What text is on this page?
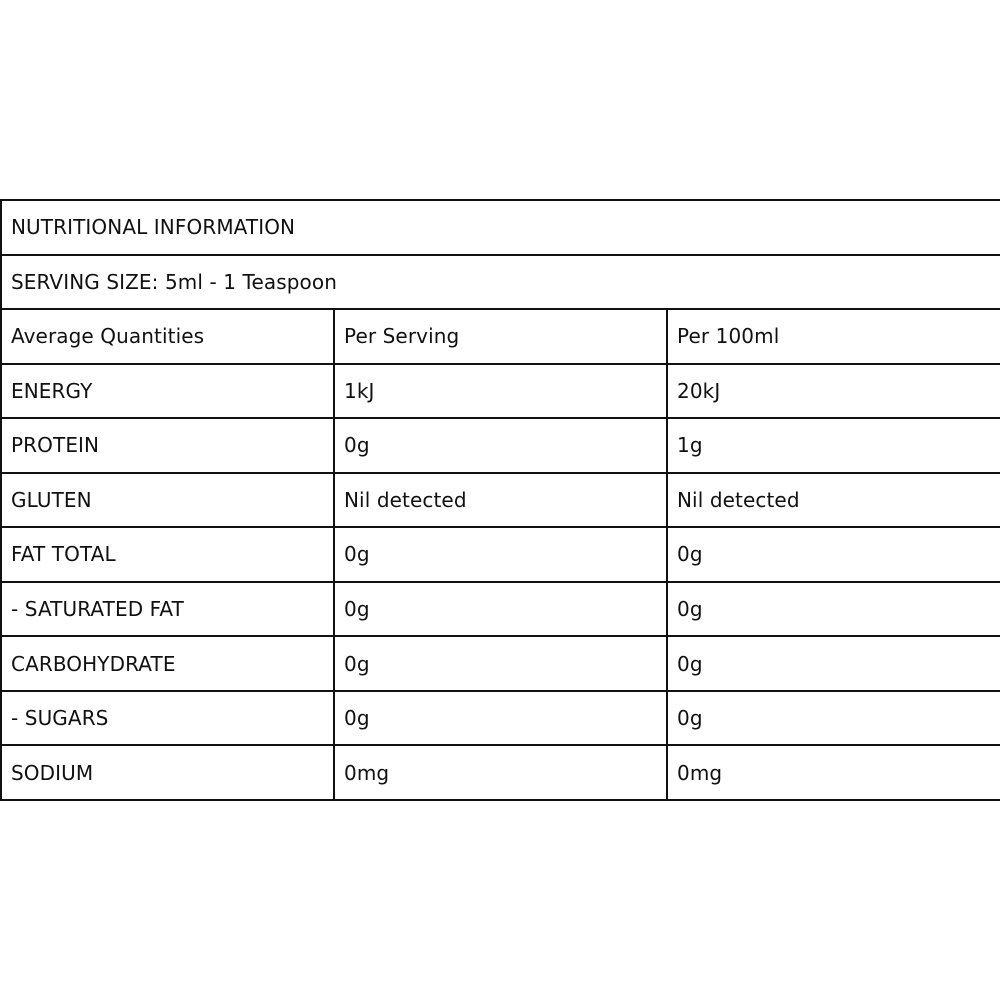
NUTRITIONAL INFORMATION		
SERVING SIZE: 5ml - 1 Teaspoon		
Average Quantities	Per Serving	Per 100ml
ENERGY	1kJ	20kJ
PROTEIN	0g	1g
GLUTEN	Nil detected	Nil detected
FAT TOTAL	0g	0g
- SATURATED FAT	0g	0g
CARBOHYDRATE	0g	0g
- SUGARS	0g	0g
SODIUM	0mg	0mg
